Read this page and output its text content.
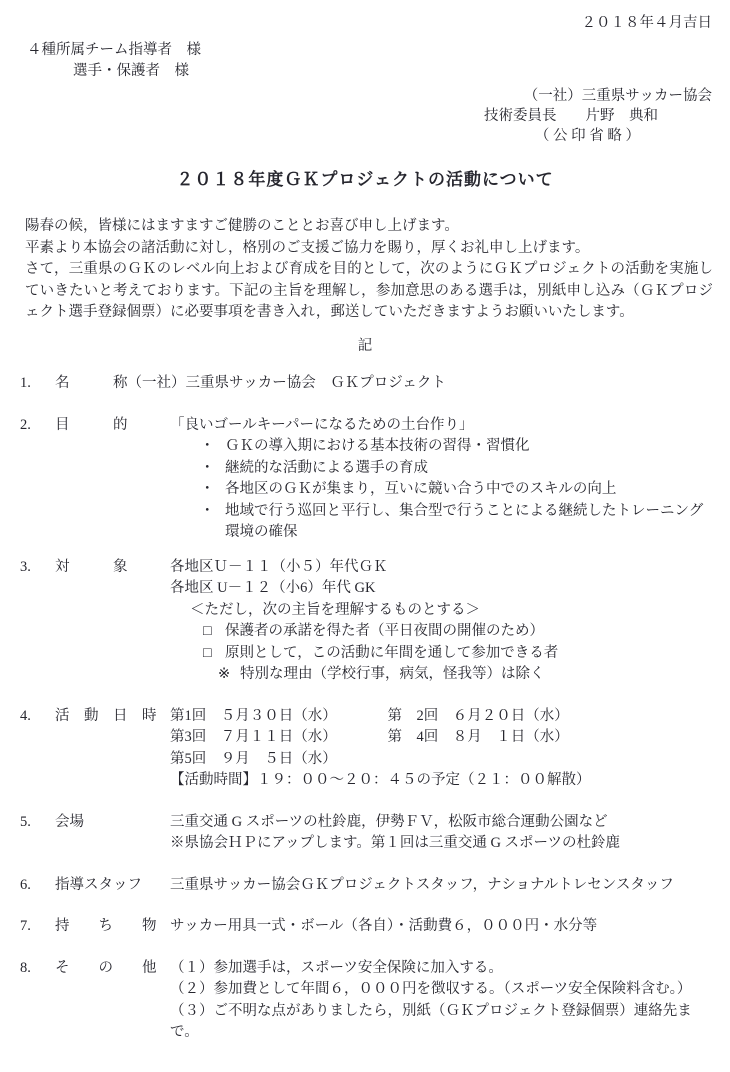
２０１８年４月吉日
４種所属チーム指導者　様
選手・保護者　様
（一社）三重県サッカー協会
技術委員長　　片野　典和
（ 公 印 省 略 ）
２０１８年度ＧＫプロジェクトの活動について
陽春の候，皆様にはますますご健勝のこととお喜び申し上げます。
平素より本協会の諸活動に対し，格別のご支援ご協力を賜り，厚くお礼申し上げます。
さて，三重県のＧＫのレベル向上および育成を目的として，次のようにＧＫプロジェクトの活動を実施していきたいと考えております。下記の主旨を理解し，参加意思のある選手は，別紙申し込み（ＧＫプロジェクト選手登録個票）に必要事項を書き入れ，郵送していただきますようお願いいたします。
記
1.	名　　　称 （一社）三重県サッカー協会　ＧＫプロジェクト
2.	目　　　的	「良いゴールキーパーになるための土台作り」
・ ＧＫの導入期における基本技術の習得・習慣化
・ 継続的な活動による選手の育成
・ 各地区のＧＫが集まり，互いに競い合う中でのスキルの向上
・ 地域で行う巡回と平行し、集合型で行うことによる継続したトレーニング環境の確保
3.	対　　　象	各地区Ｕ－１１（小５）年代ＧＫ
各地区 U－１２（小6）年代 GK
＜ただし，次の主旨を理解するものとする＞
□ 保護者の承諾を得た者（平日夜間の開催のため）
□ 原則として，この活動に年間を通して参加できる者
※ 特別な理由（学校行事，病気，怪我等）は除く
4.	活　動　日　時 第1回　５月３０日（水）　　　　第　2回　６月２０日（水）
第3回　７月１１日（水）　　　　第　4回　８月　１日（水）
第5回　９月　５日（水）
【活動時間】１９：００～２０：４５の予定（２１：００解散）
5.	会場	三重交通 G スポーツの杜鈴鹿，伊勢ＦＶ，松阪市総合運動公園など
※県協会ＨＰにアップします。第１回は三重交通 G スポーツの杜鈴鹿
6.	指導スタッフ	三重県サッカー協会ＧＫプロジェクトスタッフ，ナショナルトレセンスタッフ
7.	持　　ち　　物 サッカー用具一式・ボール（各自）・活動費６，０００円・水分等
8.	そ　　の　　他 （１）参加選手は，スポーツ安全保険に加入する。
（２）参加費として年間６，０００円を徴収する。（スポーツ安全保険料含む。）
（３）ご不明な点がありましたら，別紙（ＧＫプロジェクト登録個票）連絡先まで。
